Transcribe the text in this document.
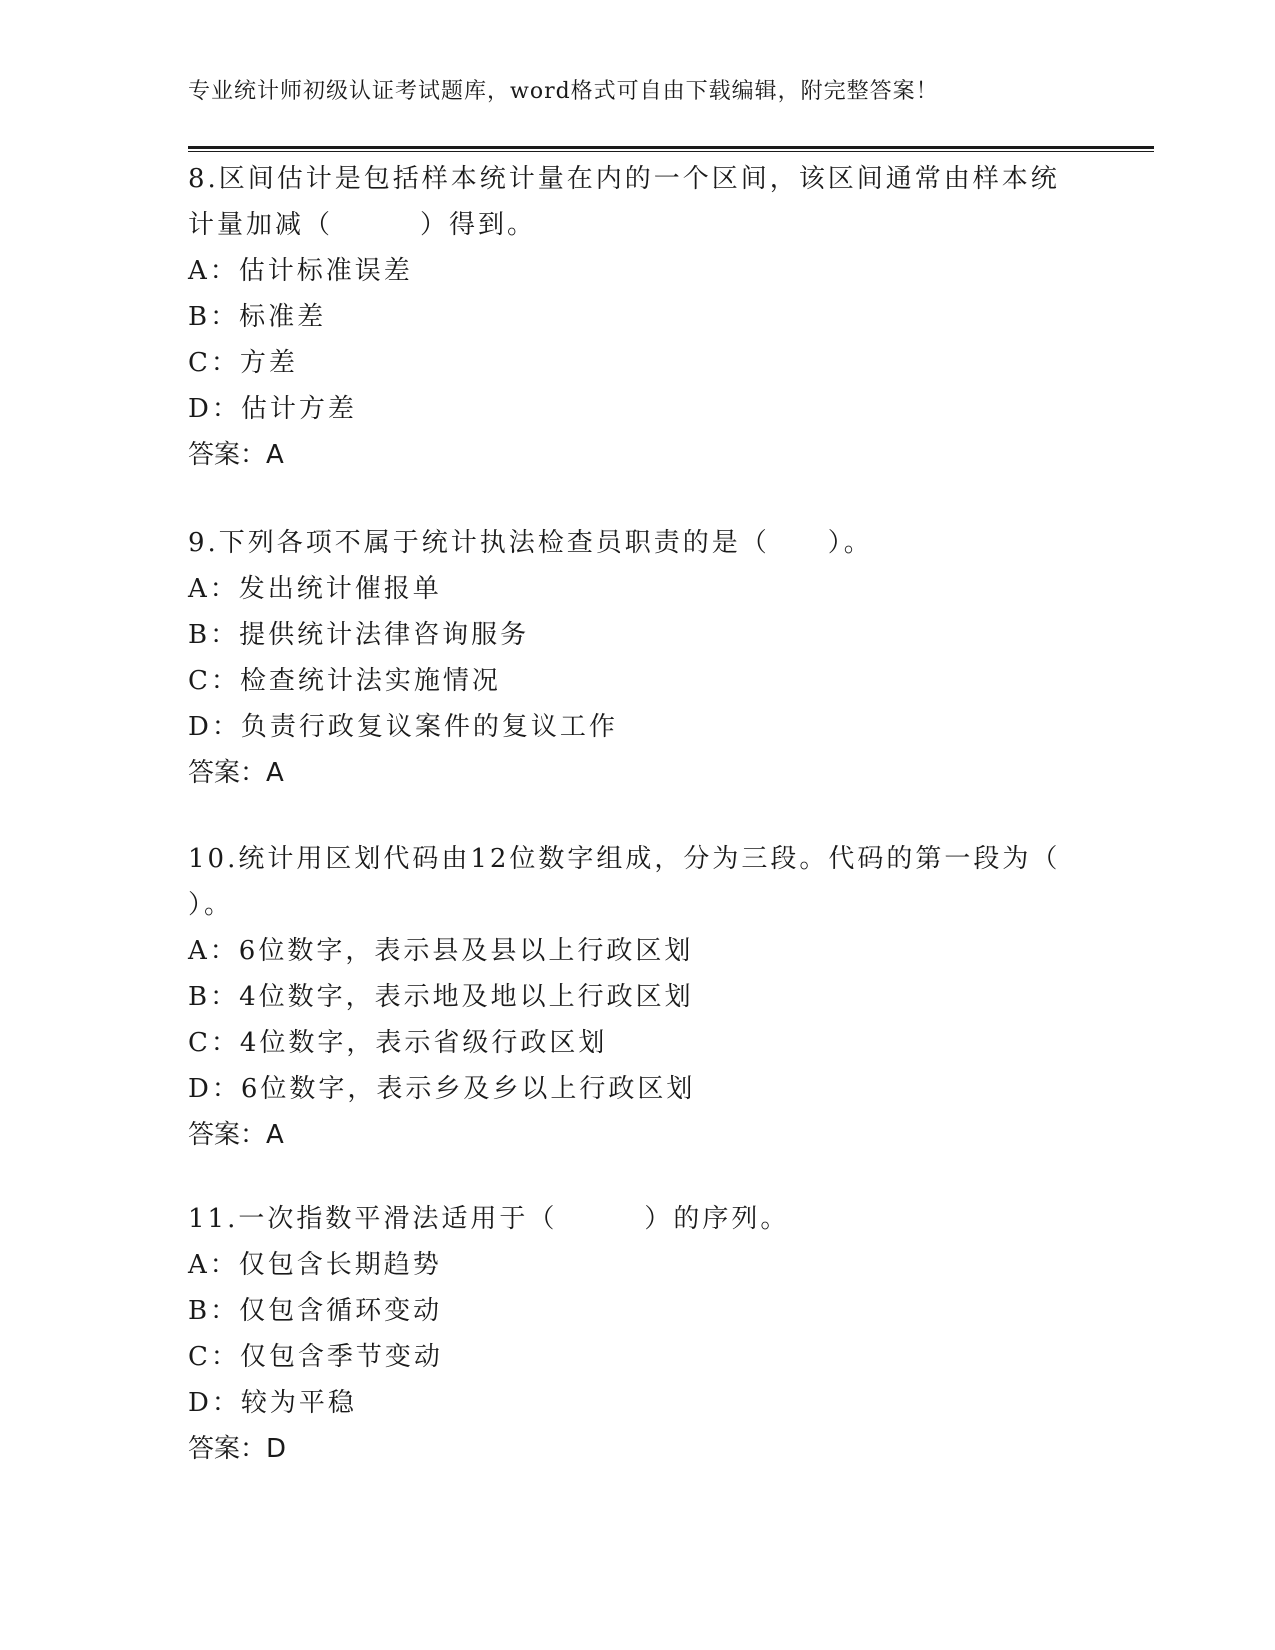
专业统计师初级认证考试题库，word格式可自由下载编辑，附完整答案！
8.区间估计是包括样本统计量在内的一个区间，该区间通常由样本统
计量加减（　　　）得到。
A：估计标准误差
B：标准差
C：方差
D：估计方差
答案：A
9.下列各项不属于统计执法检查员职责的是（　　）。
A：发出统计催报单
B：提供统计法律咨询服务
C：检查统计法实施情况
D：负责行政复议案件的复议工作
答案：A
10.统计用区划代码由12位数字组成，分为三段。代码的第一段为（
）。
A：6位数字，表示县及县以上行政区划
B：4位数字，表示地及地以上行政区划
C：4位数字，表示省级行政区划
D：6位数字，表示乡及乡以上行政区划
答案：A
11.一次指数平滑法适用于（　　　）的序列。
A：仅包含长期趋势
B：仅包含循环变动
C：仅包含季节变动
D：较为平稳
答案：D
